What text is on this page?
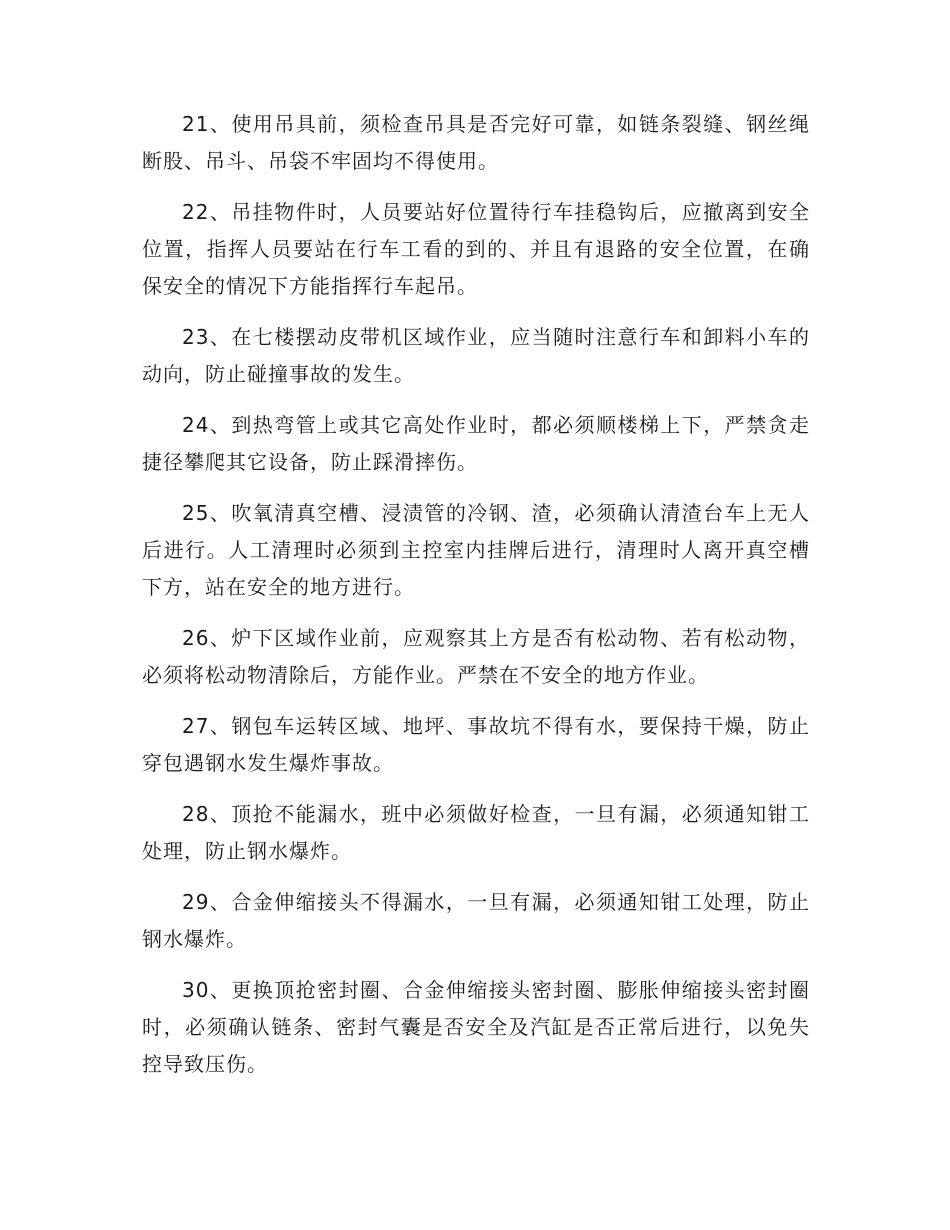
21、使用吊具前，须检查吊具是否完好可靠，如链条裂缝、钢丝绳断股、吊斗、吊袋不牢固均不得使用。

22、吊挂物件时，人员要站好位置待行车挂稳钩后，应撤离到安全位置，指挥人员要站在行车工看的到的、并且有退路的安全位置，在确保安全的情况下方能指挥行车起吊。

23、在七楼摆动皮带机区域作业，应当随时注意行车和卸料小车的动向，防止碰撞事故的发生。

24、到热弯管上或其它高处作业时，都必须顺楼梯上下，严禁贪走捷径攀爬其它设备，防止踩滑摔伤。

25、吹氧清真空槽、浸渍管的冷钢、渣，必须确认清渣台车上无人后进行。人工清理时必须到主控室内挂牌后进行，清理时人离开真空槽下方，站在安全的地方进行。

26、炉下区域作业前，应观察其上方是否有松动物、若有松动物，必须将松动物清除后，方能作业。严禁在不安全的地方作业。

27、钢包车运转区域、地坪、事故坑不得有水，要保持干燥，防止穿包遇钢水发生爆炸事故。

28、顶抢不能漏水，班中必须做好检查，一旦有漏，必须通知钳工处理，防止钢水爆炸。

29、合金伸缩接头不得漏水，一旦有漏，必须通知钳工处理，防止钢水爆炸。

30、更换顶抢密封圈、合金伸缩接头密封圈、膨胀伸缩接头密封圈时，必须确认链条、密封气囊是否安全及汽缸是否正常后进行，以免失控导致压伤。
